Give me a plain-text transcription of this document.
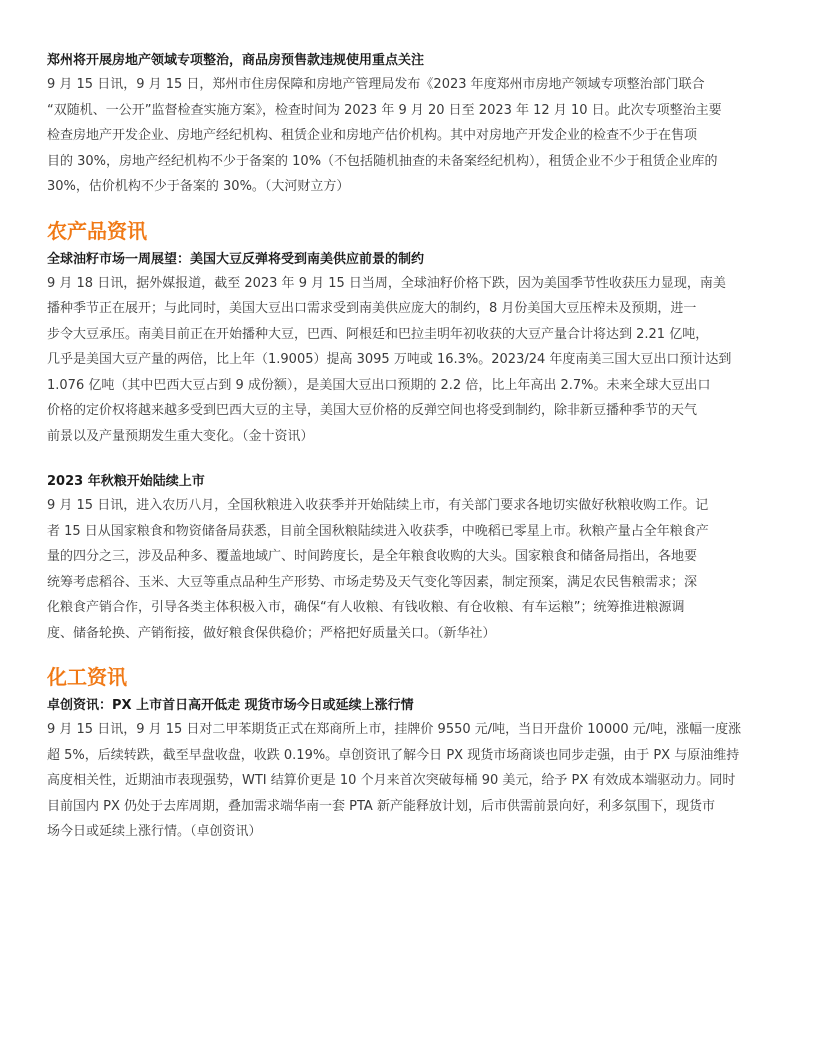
郑州将开展房地产领域专项整治，商品房预售款违规使用重点关注

9 月 15 日讯，9 月 15 日，郑州市住房保障和房地产管理局发布《2023 年度郑州市房地产领域专项整治部门联合
“双随机、一公开”监督检查实施方案》，检查时间为 2023 年 9 月 20 日至 2023 年 12 月 10 日。此次专项整治主要
检查房地产开发企业、房地产经纪机构、租赁企业和房地产估价机构。其中对房地产开发企业的检查不少于在售项
目的 30%，房地产经纪机构不少于备案的 10%（不包括随机抽查的未备案经纪机构），租赁企业不少于租赁企业库的
30%，估价机构不少于备案的 30%。（大河财立方）

农产品资讯

全球油籽市场一周展望：美国大豆反弹将受到南美供应前景的制约

9 月 18 日讯，据外媒报道，截至 2023 年 9 月 15 日当周，全球油籽价格下跌，因为美国季节性收获压力显现，南美
播种季节正在展开；与此同时，美国大豆出口需求受到南美供应庞大的制约，8 月份美国大豆压榨未及预期，进一
步令大豆承压。南美目前正在开始播种大豆，巴西、阿根廷和巴拉圭明年初收获的大豆产量合计将达到 2.21 亿吨，
几乎是美国大豆产量的两倍，比上年（1.9005）提高 3095 万吨或 16.3%。2023/24 年度南美三国大豆出口预计达到
1.076 亿吨（其中巴西大豆占到 9 成份额），是美国大豆出口预期的 2.2 倍，比上年高出 2.7%。未来全球大豆出口
价格的定价权将越来越多受到巴西大豆的主导，美国大豆价格的反弹空间也将受到制约，除非新豆播种季节的天气
前景以及产量预期发生重大变化。（金十资讯）

2023 年秋粮开始陆续上市

9 月 15 日讯，进入农历八月，全国秋粮进入收获季并开始陆续上市，有关部门要求各地切实做好秋粮收购工作。记
者 15 日从国家粮食和物资储备局获悉，目前全国秋粮陆续进入收获季，中晚稻已零星上市。秋粮产量占全年粮食产
量的四分之三，涉及品种多、覆盖地域广、时间跨度长，是全年粮食收购的大头。国家粮食和储备局指出，各地要
统筹考虑稻谷、玉米、大豆等重点品种生产形势、市场走势及天气变化等因素，制定预案，满足农民售粮需求；深
化粮食产销合作，引导各类主体积极入市，确保“有人收粮、有钱收粮、有仓收粮、有车运粮”；统筹推进粮源调
度、储备轮换、产销衔接，做好粮食保供稳价；严格把好质量关口。（新华社）

化工资讯

卓创资讯：PX 上市首日高开低走 现货市场今日或延续上涨行情

9 月 15 日讯，9 月 15 日对二甲苯期货正式在郑商所上市，挂牌价 9550 元/吨，当日开盘价 10000 元/吨，涨幅一度涨
超 5%，后续转跌，截至早盘收盘，收跌 0.19%。卓创资讯了解今日 PX 现货市场商谈也同步走强，由于 PX 与原油维持
高度相关性，近期油市表现强势，WTI 结算价更是 10 个月来首次突破每桶 90 美元，给予 PX 有效成本端驱动力。同时
目前国内 PX 仍处于去库周期，叠加需求端华南一套 PTA 新产能释放计划，后市供需前景向好，利多氛围下，现货市
场今日或延续上涨行情。（卓创资讯）
